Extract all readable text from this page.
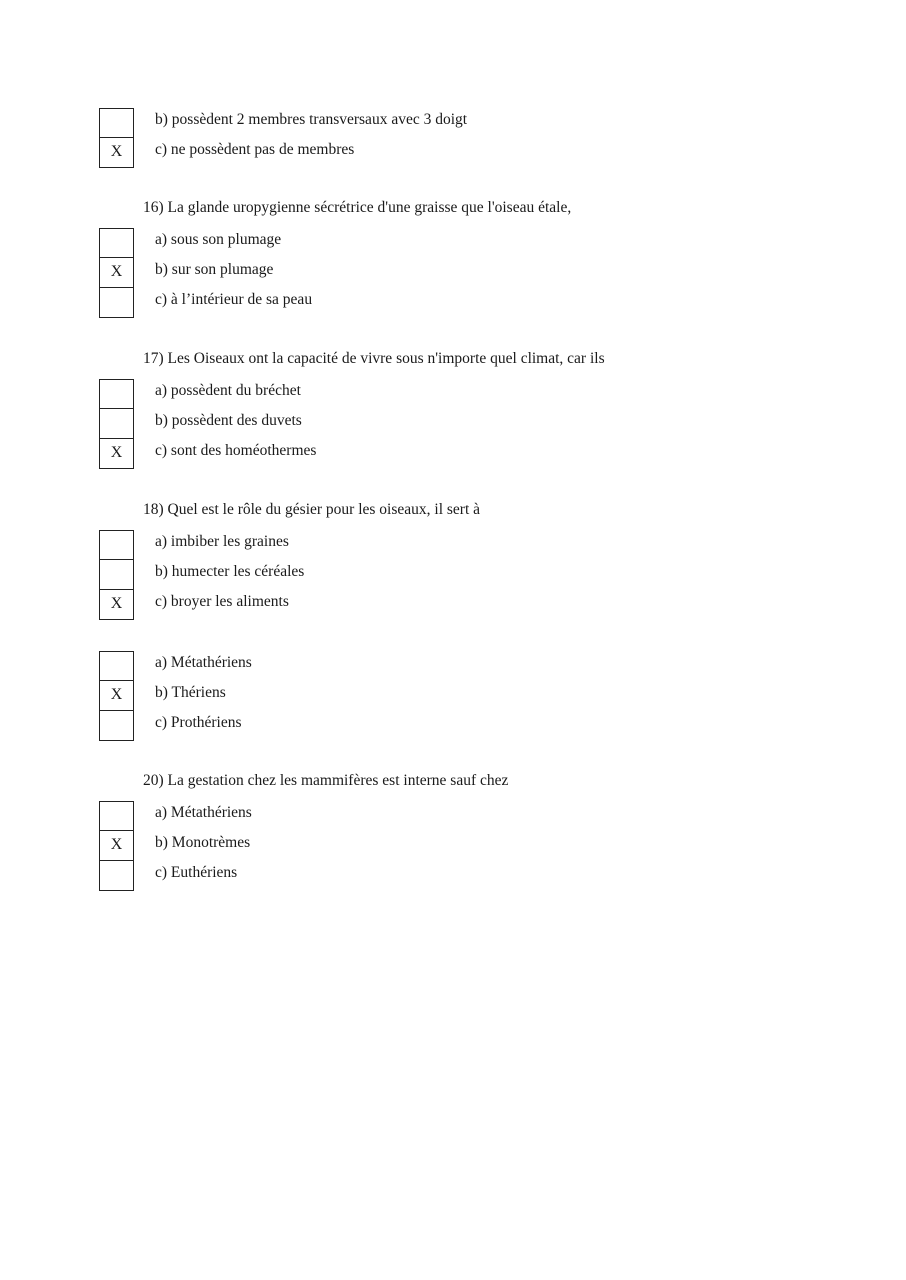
b) possèdent 2 membres transversaux avec 3 doigt
X	c) ne possèdent pas de membres
16) La glande uropygienne sécrétrice d'une graisse que l'oiseau étale,
a) sous son plumage
X	b) sur son plumage
c) à l’intérieur de sa peau
17) Les Oiseaux ont la capacité de vivre sous n'importe quel climat, car ils
a) possèdent du bréchet
b) possèdent des duvets
X	c) sont des homéothermes
18) Quel est le rôle du gésier pour les oiseaux, il sert à
a) imbiber les graines
b) humecter les céréales
X	c) broyer les aliments
a) Métathériens
X	b) Thériens
c) Prothériens
20) La gestation chez les mammifères est interne sauf chez
a) Métathériens
X	b) Monotrèmes
c) Euthériens
